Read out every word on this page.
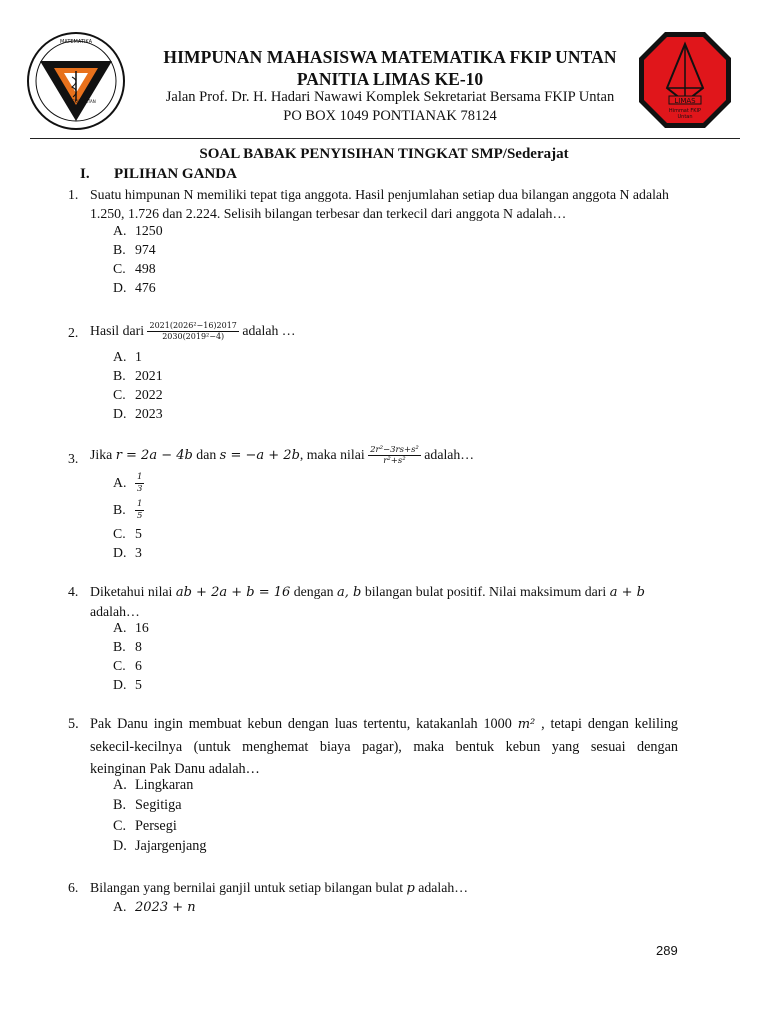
MATEMATIKA
FKIP UNTAN	LIMAS
Himmat FKIP
Untan
HIMPUNAN MAHASISWA MATEMATIKA FKIP UNTAN
PANITIA LIMAS KE-10
Jalan Prof. Dr. H. Hadari Nawawi Komplek Sekretariat Bersama FKIP Untan
PO BOX 1049 PONTIANAK 78124
SOAL BABAK PENYISIHAN TINGKAT SMP/Sederajat
I. PILIHAN GANDA
1. Suatu himpunan N memiliki tepat tiga anggota. Hasil penjumlahan setiap dua bilangan anggota N adalah
1.250, 1.726 dan 2.224. Selisih bilangan terbesar dan terkecil dari anggota N adalah…
A. 1250
B. 974
C. 498
D. 476
2. Hasil dari $\frac{\text{2021(2026²−16)2017}}{\text{2030(2019²−4)}}$ adalah …
A. 1
B. 2021
C. 2022
D. 2023
3. Jika r = 2a − 4b dan s = −a + 2b, maka nilai $\frac{\text{2r²−3rs+s²}}{\text{r²+s²}}$ adalah…
A. $\frac{1}{3}$
B. $\frac{1}{5}$
C. 5
D. 3
4. Diketahui nilai ab + 2a + b = 16 dengan a, b bilangan bulat positif. Nilai maksimum dari a + b
adalah…
A. 16
B. 8
C. 6
D. 5
5. Pak Danu ingin membuat kebun dengan luas tertentu, katakanlah 1000 m² , tetapi dengan keliling
sekecil-kecilnya (untuk menghemat biaya pagar), maka bentuk kebun yang sesuai dengan
keinginan Pak Danu adalah…
A. Lingkaran
B. Segitiga
C. Persegi
D. Jajargenjang
6. Bilangan yang bernilai ganjil untuk setiap bilangan bulat p adalah…
A. 2023 + n
289
